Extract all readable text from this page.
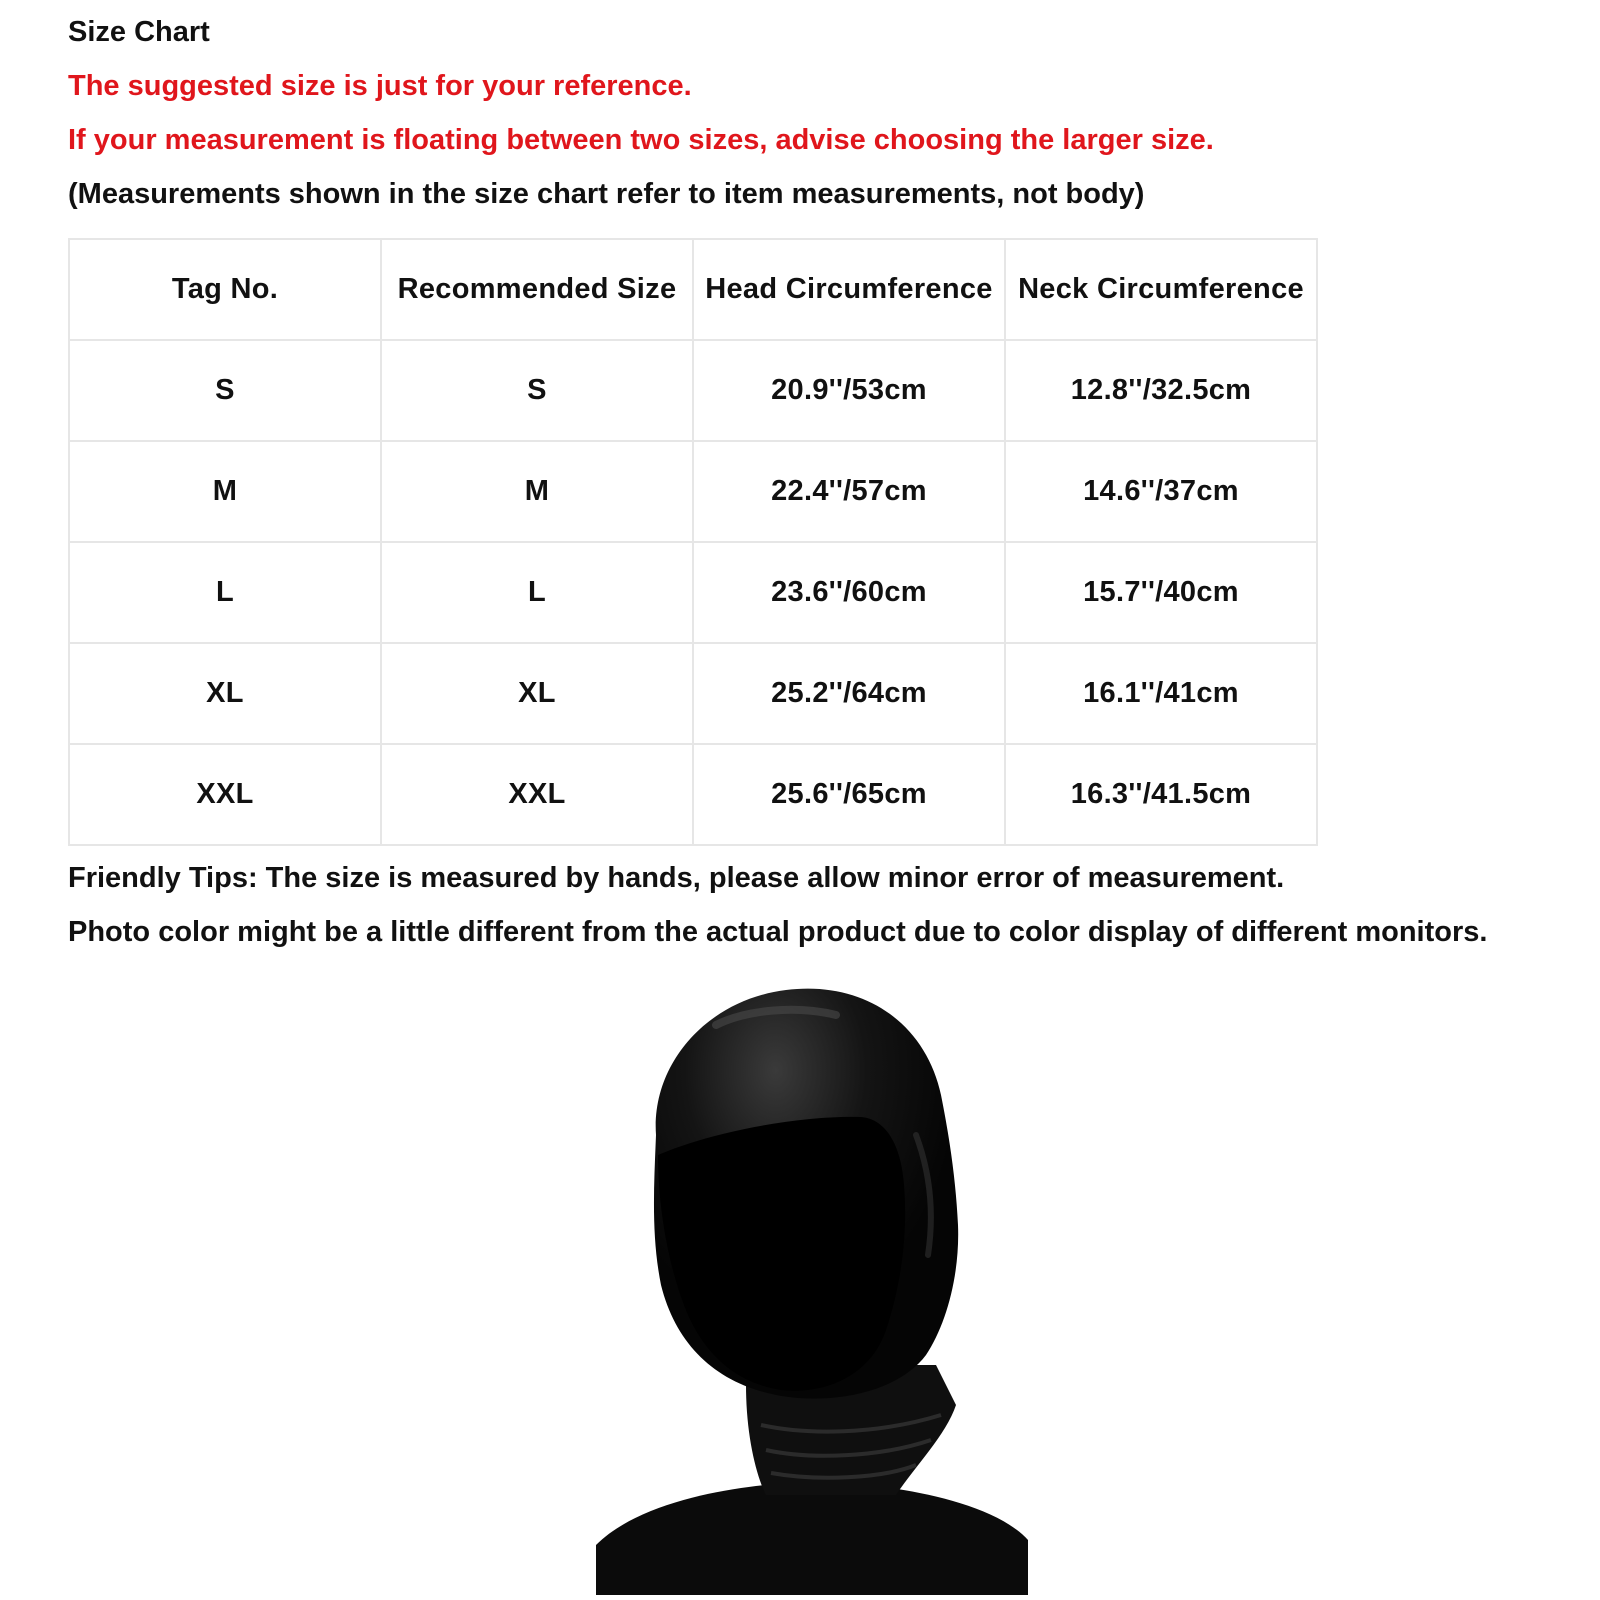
Size Chart
The suggested size is just for your reference.
If your measurement is floating between two sizes, advise choosing the larger size.
(Measurements shown in the size chart refer to item measurements, not body)
Tag No.	Recommended Size	Head Circumference	Neck Circumference
S	S	20.9''/53cm	12.8''/32.5cm
M	M	22.4''/57cm	14.6''/37cm
L	L	23.6''/60cm	15.7''/40cm
XL	XL	25.2''/64cm	16.1''/41cm
XXL	XXL	25.6''/65cm	16.3''/41.5cm
Friendly Tips: The size is measured by hands, please allow minor error of measurement.
Photo color might be a little different from the actual product due to color display of different monitors.
